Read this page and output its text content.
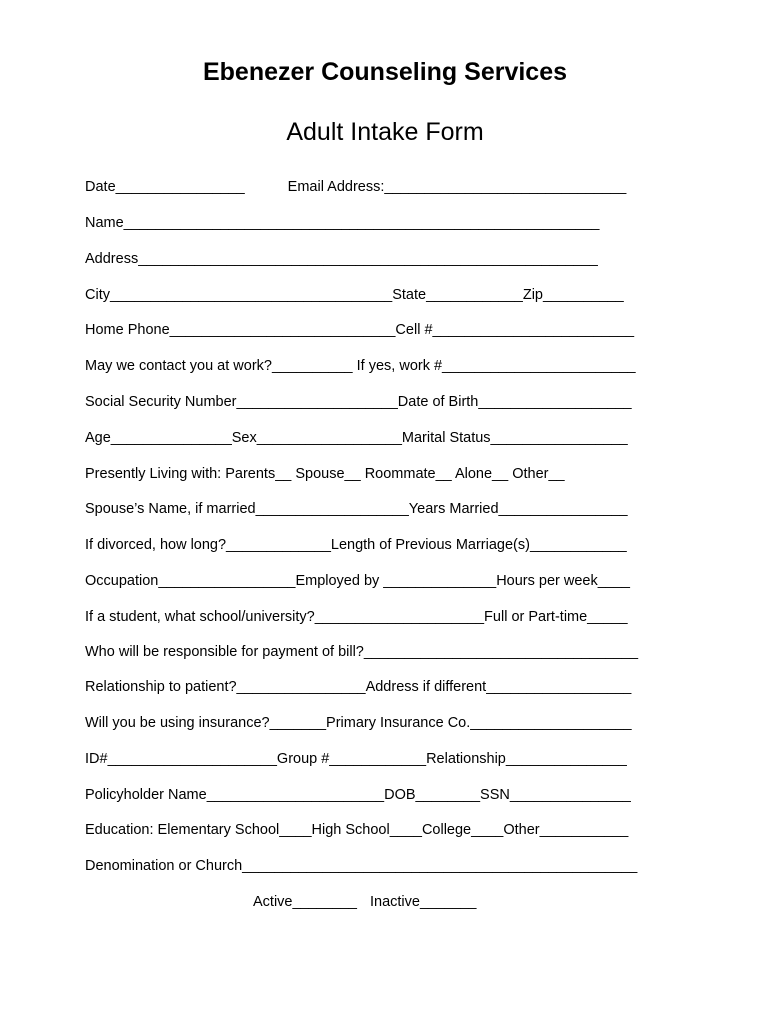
Ebenezer Counseling Services
Adult Intake Form
Date________________	Email Address:______________________________
Name___________________________________________________________
Address_________________________________________________________
City___________________________________State____________Zip__________
Home Phone____________________________Cell #_________________________
May we contact you at work?__________ If yes, work #________________________
Social Security Number____________________Date of Birth___________________
Age_______________Sex__________________Marital Status_________________
Presently Living with: Parents__ Spouse__ Roommate__ Alone__ Other__
Spouse’s Name, if married___________________Years Married________________
If divorced, how long?_____________Length of Previous Marriage(s)____________
Occupation_________________Employed by ______________Hours per week____
If a student, what school/university?_____________________Full or Part-time_____
Who will be responsible for payment of bill?__________________________________
Relationship to patient?________________Address if different__________________
Will you be using insurance?_______Primary Insurance Co.____________________
ID#_____________________Group #____________Relationship_______________
Policyholder Name______________________DOB________SSN_______________
Education: Elementary School____High School____College____Other___________
Denomination or Church_________________________________________________
Active________ Inactive_______
